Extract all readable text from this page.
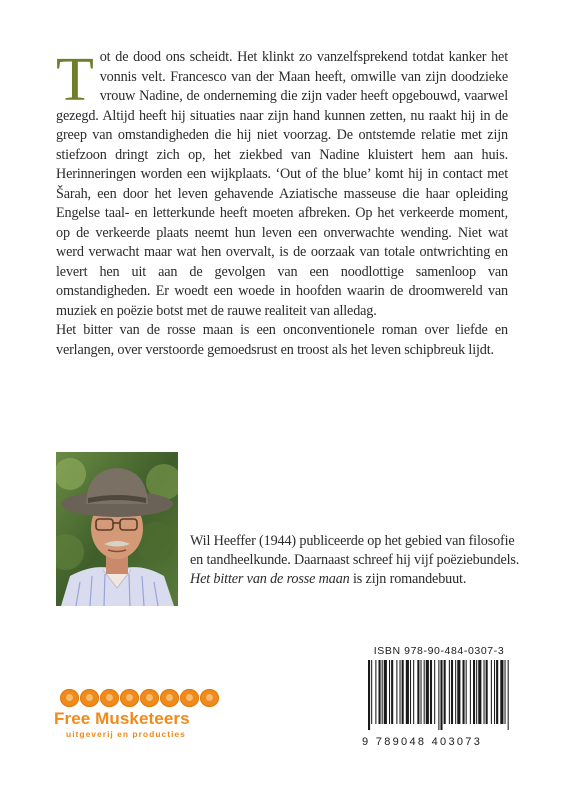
Tot de dood ons scheidt. Het klinkt zo vanzelfsprekend totdat kanker het vonnis velt. Francesco van der Maan heeft, omwille van zijn doodzieke vrouw Nadine, de onderneming die zijn vader heeft opgebouwd, vaarwel gezegd. Altijd heeft hij situaties naar zijn hand kunnen zetten, nu raakt hij in de greep van omstandigheden die hij niet voorzag. De ontstemde relatie met zijn stiefzoon dringt zich op, het ziekbed van Nadine kluistert hem aan huis. Herinneringen worden een wijkplaats. ‘Out of the blue’ komt hij in contact met Šarah, een door het leven gehavende Aziatische masseuse die haar opleiding Engelse taal- en letterkunde heeft moeten afbreken. Op het verkeerde moment, op de verkeerde plaats neemt hun leven een onverwachte wending. Niet wat werd verwacht maar wat hen overvalt, is de oorzaak van totale ontwrichting en levert hen uit aan de gevolgen van een noodlottige samenloop van omstandigheden. Er woedt een woede in hoofden waarin de droomwereld van muziek en poëzie botst met de rauwe realiteit van alledag.

Het bitter van de rosse maan is een onconventionele roman over liefde en verlangen, over verstoorde gemoedsrust en troost als het leven schipbreuk lijdt.

Wil Heeffer (1944) publiceerde op het gebied van filosofie en tandheelkunde. Daarnaast schreef hij vijf poëziebundels.

Het bitter van de rosse maan is zijn romandebuut.

Free Musketeers
uitgeverij en producties
ISBN 978-90-484-0307-3
9 789048 403073
